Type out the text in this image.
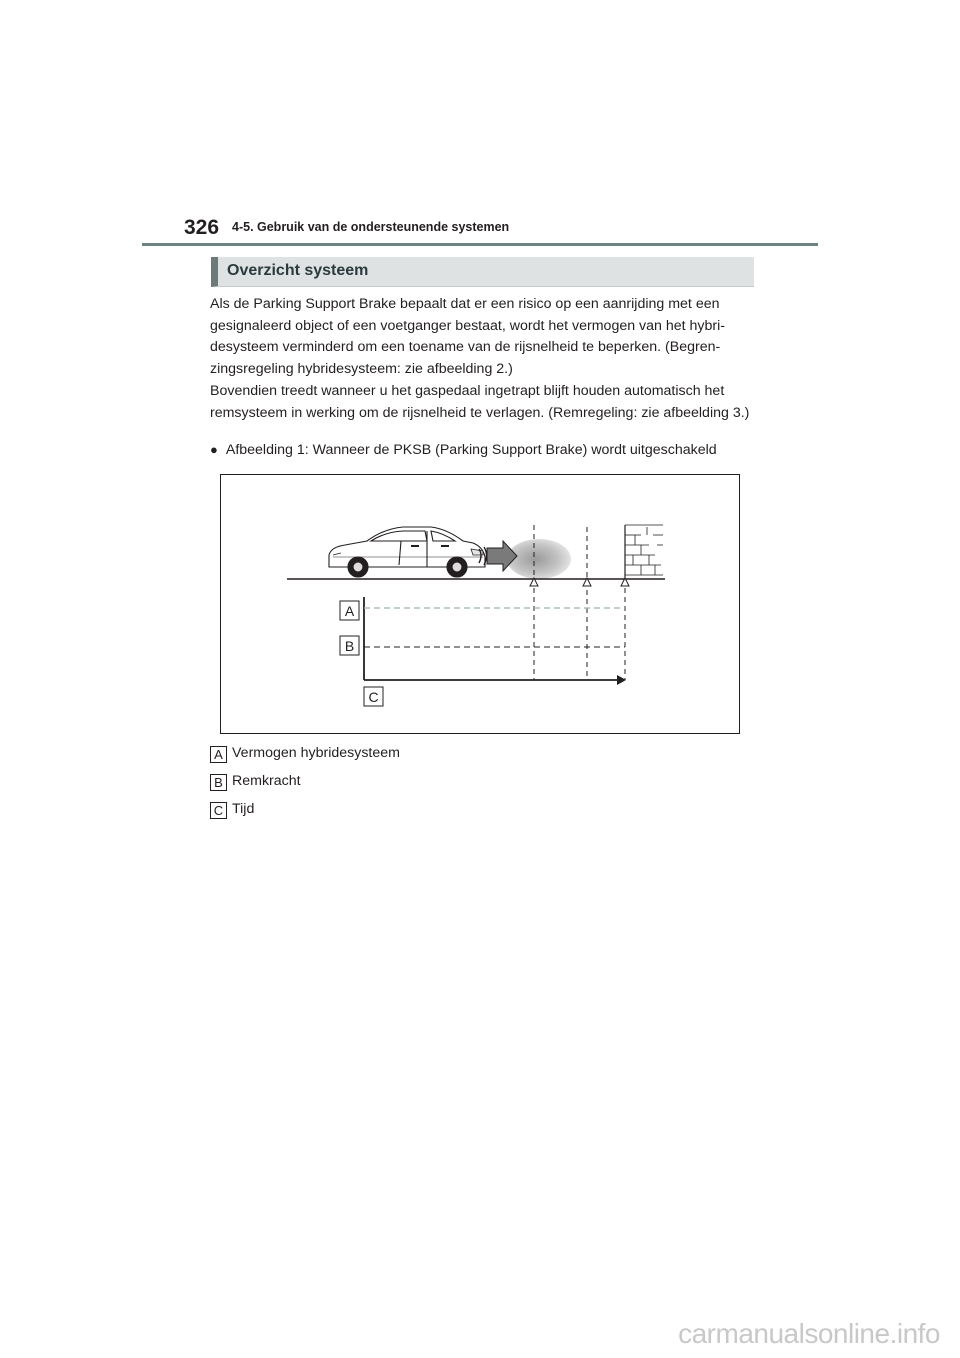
326 4-5. Gebruik van de ondersteunende systemen
Overzicht systeem

Als de Parking Support Brake bepaalt dat er een risico op een aanrijding met een gesignaleerd object of een voetganger bestaat, wordt het vermogen van het hybri-desysteem verminderd om een toename van de rijsnelheid te beperken. (Begren-zingsregeling hybridesysteem: zie afbeelding 2.)

Bovendien treedt wanneer u het gaspedaal ingetrapt blijft houden automatisch het remsysteem in werking om de rijsnelheid te verlagen. (Remregeling: zie afbeelding 3.)

● Afbeelding 1: Wanneer de PKSB (Parking Support Brake) wordt uitgeschakeld
A
B
C
A Vermogen hybridesysteem
B Remkracht
C Tijd
carmanualsonline.info
